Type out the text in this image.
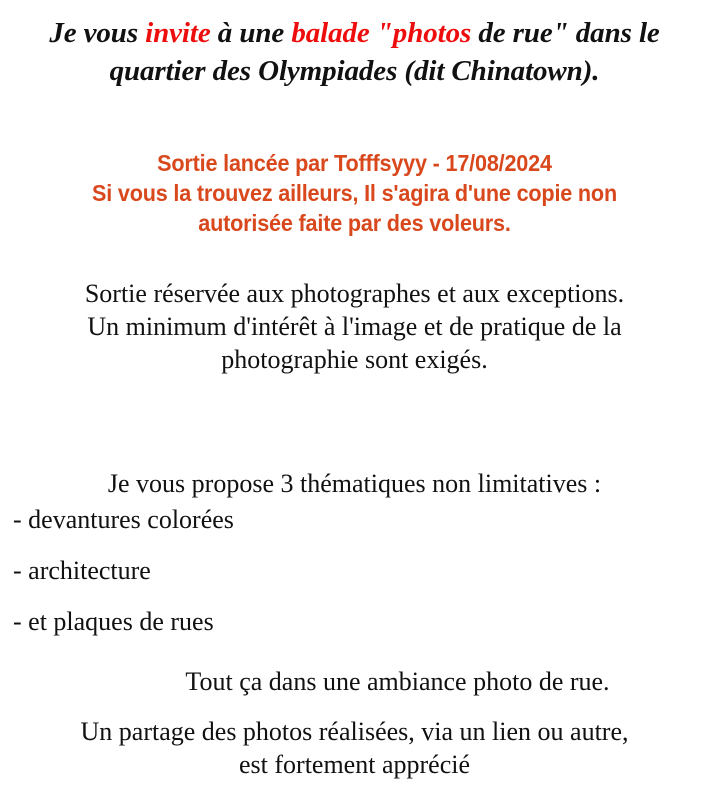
Je vous invite à une balade "photos de rue" dans le
quartier des Olympiades (dit Chinatown).
Sortie lancée par Tofffsyyy - 17/08/2024
Si vous la trouvez ailleurs, Il s'agira d'une copie non
autorisée faite par des voleurs.
Sortie réservée aux photographes et aux exceptions.
Un minimum d'intérêt à l'image et de pratique de la
photographie sont exigés.
Je vous propose 3 thématiques non limitatives :
- devantures colorées
- architecture
- et plaques de rues
Tout ça dans une ambiance photo de rue.
Un partage des photos réalisées, via un lien ou autre,
est fortement apprécié
